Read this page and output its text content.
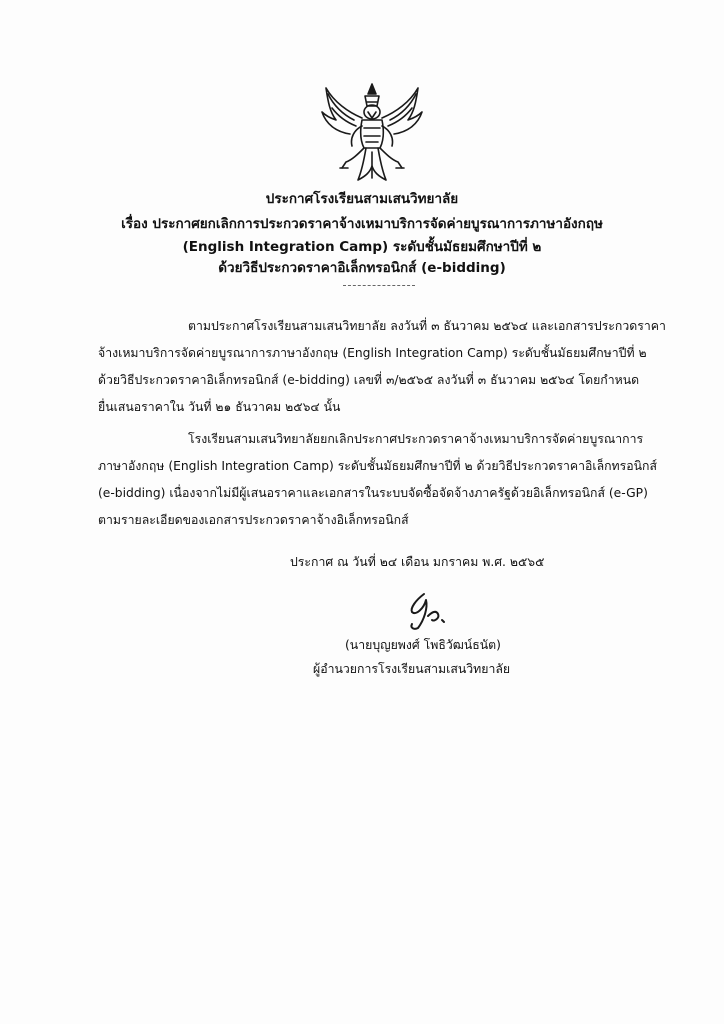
ประกาศโรงเรียนสามเสนวิทยาลัย
เรื่อง ประกาศยกเลิกการประกวดราคาจ้างเหมาบริการจัดค่ายบูรณาการภาษาอังกฤษ
(English Integration Camp) ระดับชั้นมัธยมศึกษาปีที่ ๒
ด้วยวิธีประกวดราคาอิเล็กทรอนิกส์ (e-bidding)
ตามประกาศโรงเรียนสามเสนวิทยาลัย ลงวันที่ ๓ ธันวาคม ๒๕๖๔ และเอกสารประกวดราคา
จ้างเหมาบริการจัดค่ายบูรณาการภาษาอังกฤษ (English Integration Camp) ระดับชั้นมัธยมศึกษาปีที่ ๒
ด้วยวิธีประกวดราคาอิเล็กทรอนิกส์ (e-bidding) เลขที่ ๓/๒๕๖๕ ลงวันที่ ๓ ธันวาคม ๒๕๖๔ โดยกำหนด
ยื่นเสนอราคาใน วันที่ ๒๑ ธันวาคม ๒๕๖๔ นั้น
โรงเรียนสามเสนวิทยาลัยยกเลิกประกาศประกวดราคาจ้างเหมาบริการจัดค่ายบูรณาการ
ภาษาอังกฤษ (English Integration Camp) ระดับชั้นมัธยมศึกษาปีที่ ๒ ด้วยวิธีประกวดราคาอิเล็กทรอนิกส์
(e-bidding) เนื่องจากไม่มีผู้เสนอราคาและเอกสารในระบบจัดซื้อจัดจ้างภาครัฐด้วยอิเล็กทรอนิกส์ (e-GP)
ตามรายละเอียดของเอกสารประกวดราคาจ้างอิเล็กทรอนิกส์
ประกาศ ณ วันที่ ๒๔ เดือน มกราคม พ.ศ. ๒๕๖๕
(นายบุญยพงศ์ โพธิวัฒน์ธนัต)
ผู้อำนวยการโรงเรียนสามเสนวิทยาลัย
